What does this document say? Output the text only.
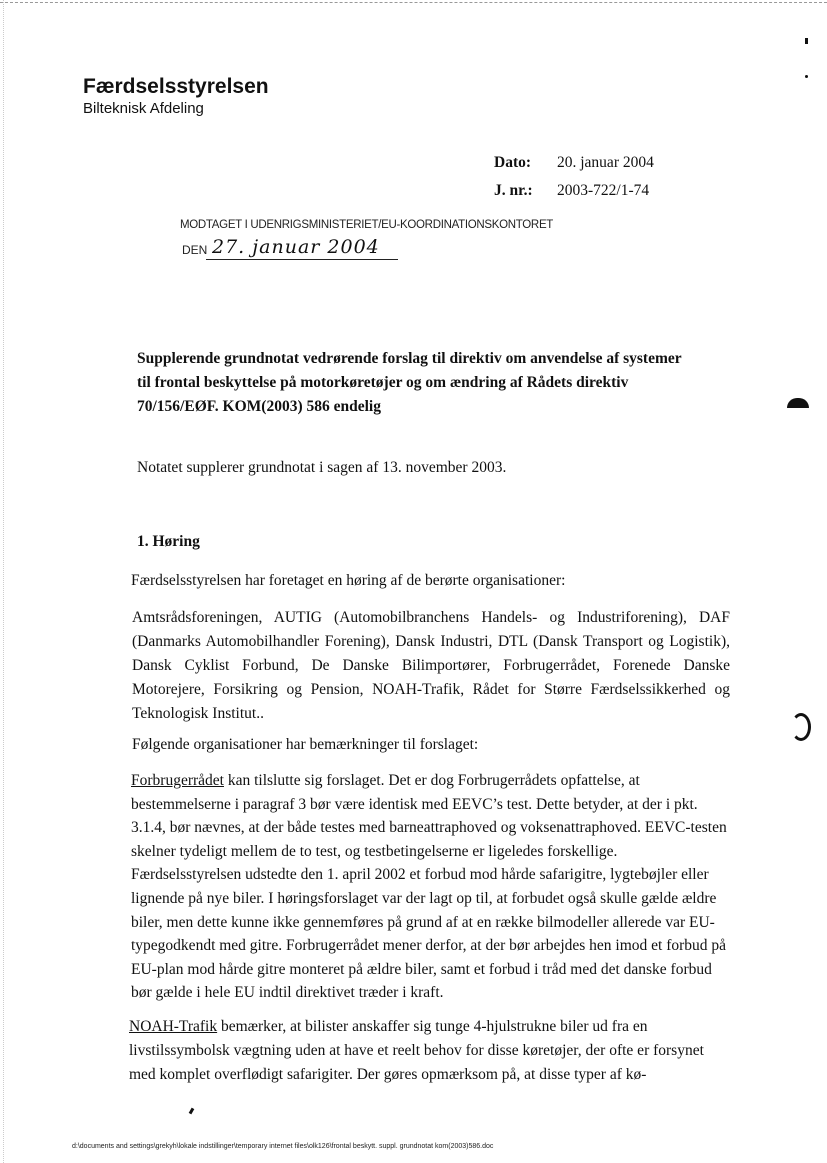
Færdselsstyrelsen
Bilteknisk Afdeling
Dato: 20. januar 2004
J. nr.: 2003-722/1-74
MODTAGET I UDENRIGSMINISTERIET/EU-KOORDINATIONSKONTORET
DEN 27. januar 2004
Supplerende grundnotat vedrørende forslag til direktiv om anvendelse af systemer
til frontal beskyttelse på motorkøretøjer og om ændring af Rådets direktiv
70/156/EØF. KOM(2003) 586 endelig
Notatet supplerer grundnotat i sagen af 13. november 2003.
1. Høring
Færdselsstyrelsen har foretaget en høring af de berørte organisationer:
Amtsrådsforeningen, AUTIG (Automobilbranchens Handels- og Industriforening), DAF (Danmarks Automobilhandler Forening), Dansk Industri, DTL (Dansk Transport og Logistik), Dansk Cyklist Forbund, De Danske Bilimportører, Forbrugerrådet, Forenede Danske Motorejere, Forsikring og Pension, NOAH-Trafik, Rådet for Større Færdselssikkerhed og Teknologisk Institut..
Følgende organisationer har bemærkninger til forslaget:
Forbrugerrådet kan tilslutte sig forslaget. Det er dog Forbrugerrådets opfattelse, at bestemmelserne i paragraf 3 bør være identisk med EEVC’s test. Dette betyder, at der i pkt. 3.1.4, bør nævnes, at der både testes med barneattraphoved og voksenattraphoved. EEVC-testen skelner tydeligt mellem de to test, og testbetingelserne er ligeledes forskellige. Færdselsstyrelsen udstedte den 1. april 2002 et forbud mod hårde safarigitre, lygtebøjler eller lignende på nye biler. I høringsforslaget var der lagt op til, at forbudet også skulle gælde ældre biler, men dette kunne ikke gennemføres på grund af at en række bilmodeller allerede var EU-typegodkendt med gitre. Forbrugerrådet mener derfor, at der bør arbejdes hen imod et forbud på EU-plan mod hårde gitre monteret på ældre biler, samt et forbud i tråd med det danske forbud bør gælde i hele EU indtil direktivet træder i kraft.
NOAH-Trafik bemærker, at bilister anskaffer sig tunge 4-hjulstrukne biler ud fra en livstilssymbolsk vægtning uden at have et reelt behov for disse køretøjer, der ofte er forsynet med komplet overflødigt safarigiter. Der gøres opmærksom på, at disse typer af kø-
d:\documents and settings\grekyh\lokale indstillinger\temporary internet files\olk126\frontal beskytt. suppl. grundnotat kom(2003)586.doc
